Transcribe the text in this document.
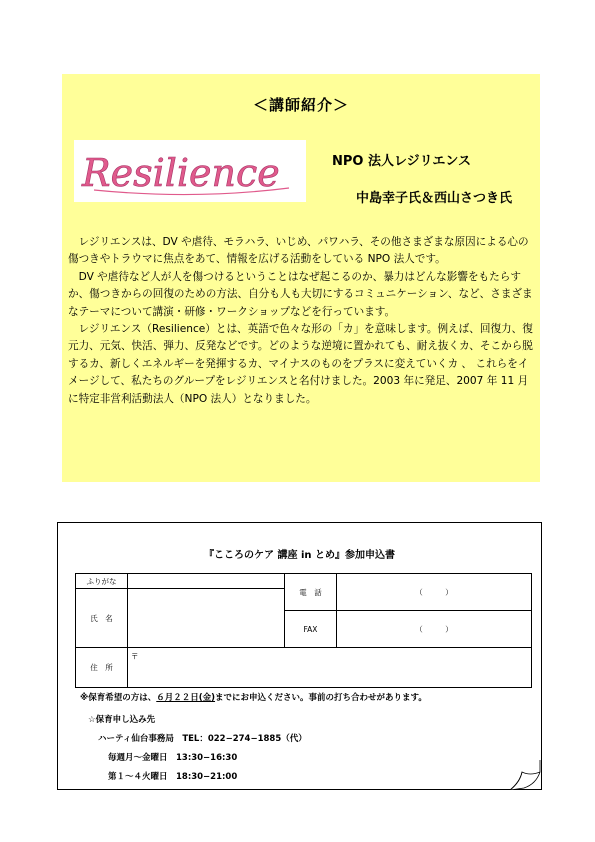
＜講師紹介＞
Resilience	NPO 法人レジリエンス
中島幸子氏＆西山さつき氏

レジリエンスは、DV や虐待、モラハラ、いじめ、パワハラ、その他さまざまな原因による心の傷つきやトラウマに焦点をあて、情報を広げる活動をしている NPO 法人です。

DV や虐待など人が人を傷つけるということはなぜ起こるのか、暴力はどんな影響をもたらすか、傷つきからの回復のための方法、自分も人も大切にするコミュニケーション、など、さまざまなテーマについて講演・研修・ワークショップなどを行っています。

レジリエンス（Resilience）とは、英語で色々な形の「カ」を意味します。例えば、回復力、復元力、元気、快活、弾力、反発などです。どのような逆境に置かれても、耐え抜くカ、そこから脱するカ、新しくエネルギーを発揮するカ、マイナスのものをプラスに変えていくカ 、 これらをイメージして、私たちのグループをレジリエンスと名付けました。2003 年に発足、2007 年 11 月に特定非営利活動法人（NPO 法人）となりました。

『こころのケア 講座 in とめ』参加申込書
ふりがな		電　話	（　　　）
氏　名			
		FAX	（　　　）
住　所	〒		
※保育希望の方は、６月２２日(金)までにお申込ください。事前の打ち合わせがあります。
☆保育申し込み先
ハーティ仙台事務局　TEL：022−274−1885（代）
毎週月〜金曜日　13:30−16:30
第１〜４火曜日　18:30−21:00
